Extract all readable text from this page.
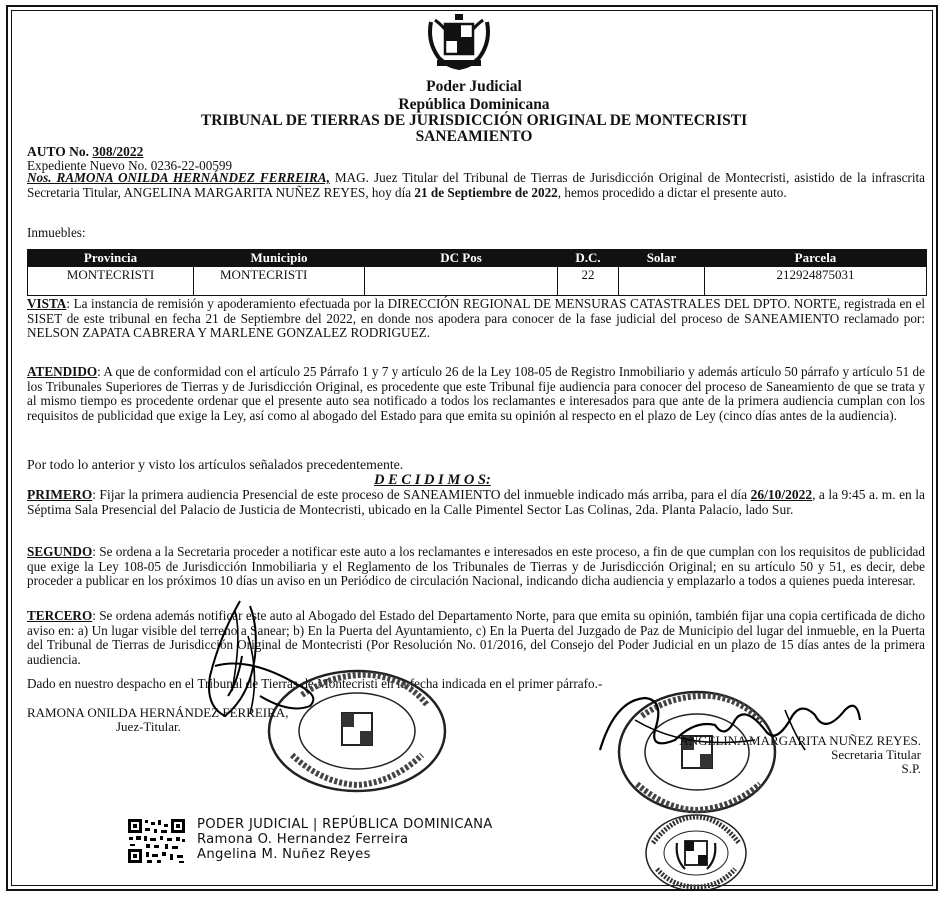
Poder Judicial
República Dominicana
TRIBUNAL DE TIERRAS DE JURISDICCIÓN ORIGINAL DE MONTECRISTI
SANEAMIENTO
AUTO No. 308/2022
Expediente Nuevo No. 0236-22-00599
Nos. RAMONA ONILDA HERNÁNDEZ FERREIRA, MAG. Juez Titular del Tribunal de Tierras de Jurisdicción Original de Montecristi, asistido de la infrascrita Secretaria Titular, ANGELINA MARGARITA NUÑEZ REYES, hoy día 21 de Septiembre de 2022, hemos procedido a dictar el presente auto.
Inmuebles:
Provincia	Municipio	DC Pos	D.C.	Solar	Parcela
MONTECRISTI	MONTECRISTI		22		212924875031
VISTA: La instancia de remisión y apoderamiento efectuada por la DIRECCIÓN REGIONAL DE MENSURAS CATASTRALES DEL DPTO. NORTE, registrada en el SISET de este tribunal en fecha 21 de Septiembre del 2022, en donde nos apodera para conocer de la fase judicial del proceso de SANEAMIENTO reclamado por: NELSON ZAPATA CABRERA Y MARLENE GONZALEZ RODRIGUEZ.
ATENDIDO: A que de conformidad con el artículo 25 Párrafo 1 y 7 y artículo 26 de la Ley 108-05 de Registro Inmobiliario y además artículo 50 párrafo y artículo 51 de los Tribunales Superiores de Tierras y de Jurisdicción Original, es procedente que este Tribunal fije audiencia para conocer del proceso de Saneamiento de que se trata y al mismo tiempo es procedente ordenar que el presente auto sea notificado a todos los reclamantes e interesados para que ante de la primera audiencia cumplan con los requisitos de publicidad que exige la Ley, así como al abogado del Estado para que emita su opinión al respecto en el plazo de Ley (cinco días antes de la audiencia).
Por todo lo anterior y visto los artículos señalados precedentemente.
D E C I D I M O S:
PRIMERO: Fijar la primera audiencia Presencial de este proceso de SANEAMIENTO del inmueble indicado más arriba, para el día 26/10/2022, a la 9:45 a. m. en la Séptima Sala Presencial del Palacio de Justicia de Montecristi, ubicado en la Calle Pimentel Sector Las Colinas, 2da. Planta Palacio, lado Sur.
SEGUNDO: Se ordena a la Secretaria proceder a notificar este auto a los reclamantes e interesados en este proceso, a fin de que cumplan con los requisitos de publicidad que exige la Ley 108-05 de Jurisdicción Inmobiliaria y el Reglamento de los Tribunales de Tierras y de Jurisdicción Original; en su artículo 50 y 51, es decir, debe proceder a publicar en los próximos 10 días un aviso en un Periódico de circulación Nacional, indicando dicha audiencia y emplazarlo a todos a quienes pueda interesar.
TERCERO: Se ordena además notificar este auto al Abogado del Estado del Departamento Norte, para que emita su opinión, también fijar una copia certificada de dicho aviso en: a) Un lugar visible del terreno a Sanear; b) En la Puerta del Ayuntamiento, c) En la Puerta del Juzgado de Paz de Municipio del lugar del inmueble, en la Puerta del Tribunal de Tierras de Jurisdicción Original de Montecristi (Por Resolución No. 01/2016, del Consejo del Poder Judicial en un plazo de 15 días antes de la primera audiencia.
Dado en nuestro despacho en el Tribunal de Tierras de Montecristi en la fecha indicada en el primer párrafo.-
RAMONA ONILDA HERNÁNDEZ FERREIRA,
Juez-Titular.
ANGELINA MARGARITA NUÑEZ REYES.
Secretaria Titular
S.P.
PODER JUDICIAL | REPÚBLICA DOMINICANA
Ramona O. Hernandez Ferreira
Angelina M. Nuñez Reyes
